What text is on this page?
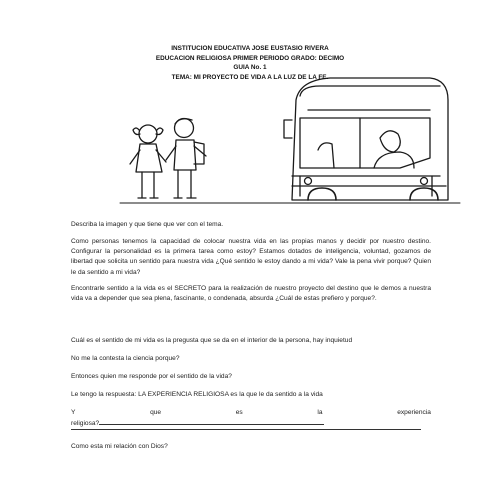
INSTITUCION EDUCATIVA JOSE EUSTASIO RIVERA
EDUCACION RELIGIOSA PRIMER PERIODO GRADO: DECIMO
GUIA No. 1
TEMA: MI PROYECTO DE VIDA A LA LUZ DE LA FE.

Describa la imagen y que tiene que ver con el tema.

Como personas tenemos la capacidad de colocar nuestra vida en las propias manos y decidir por nuestro destino. Configurar la personalidad es la primera tarea como estoy? Estamos dotados de inteligencia, voluntad, gozamos de libertad que solicita un sentido para nuestra vida ¿Qué sentido le estoy dando a mi vida? Vale la pena vivir porque? Quien le da sentido a mi vida?

Encontrarle sentido a la vida es el SECRETO para la realización de nuestro proyecto del destino que le demos a nuestra vida va a depender que sea plena, fascinante, o condenada, absurda ¿Cuál de estas prefiero y porque?.

Cuál es el sentido de mi vida es la pregusta que se da en el interior de la persona, hay inquietud

No me la contesta la ciencia porque?

Entonces quien me responde por el sentido de la vida?

Le tengo la respuesta: LA EXPERIENCIA RELIGIOSA es la que le da sentido a la vida

Y	que	es	la	experiencia

religiosa?

Como esta mi relación con Dios?
